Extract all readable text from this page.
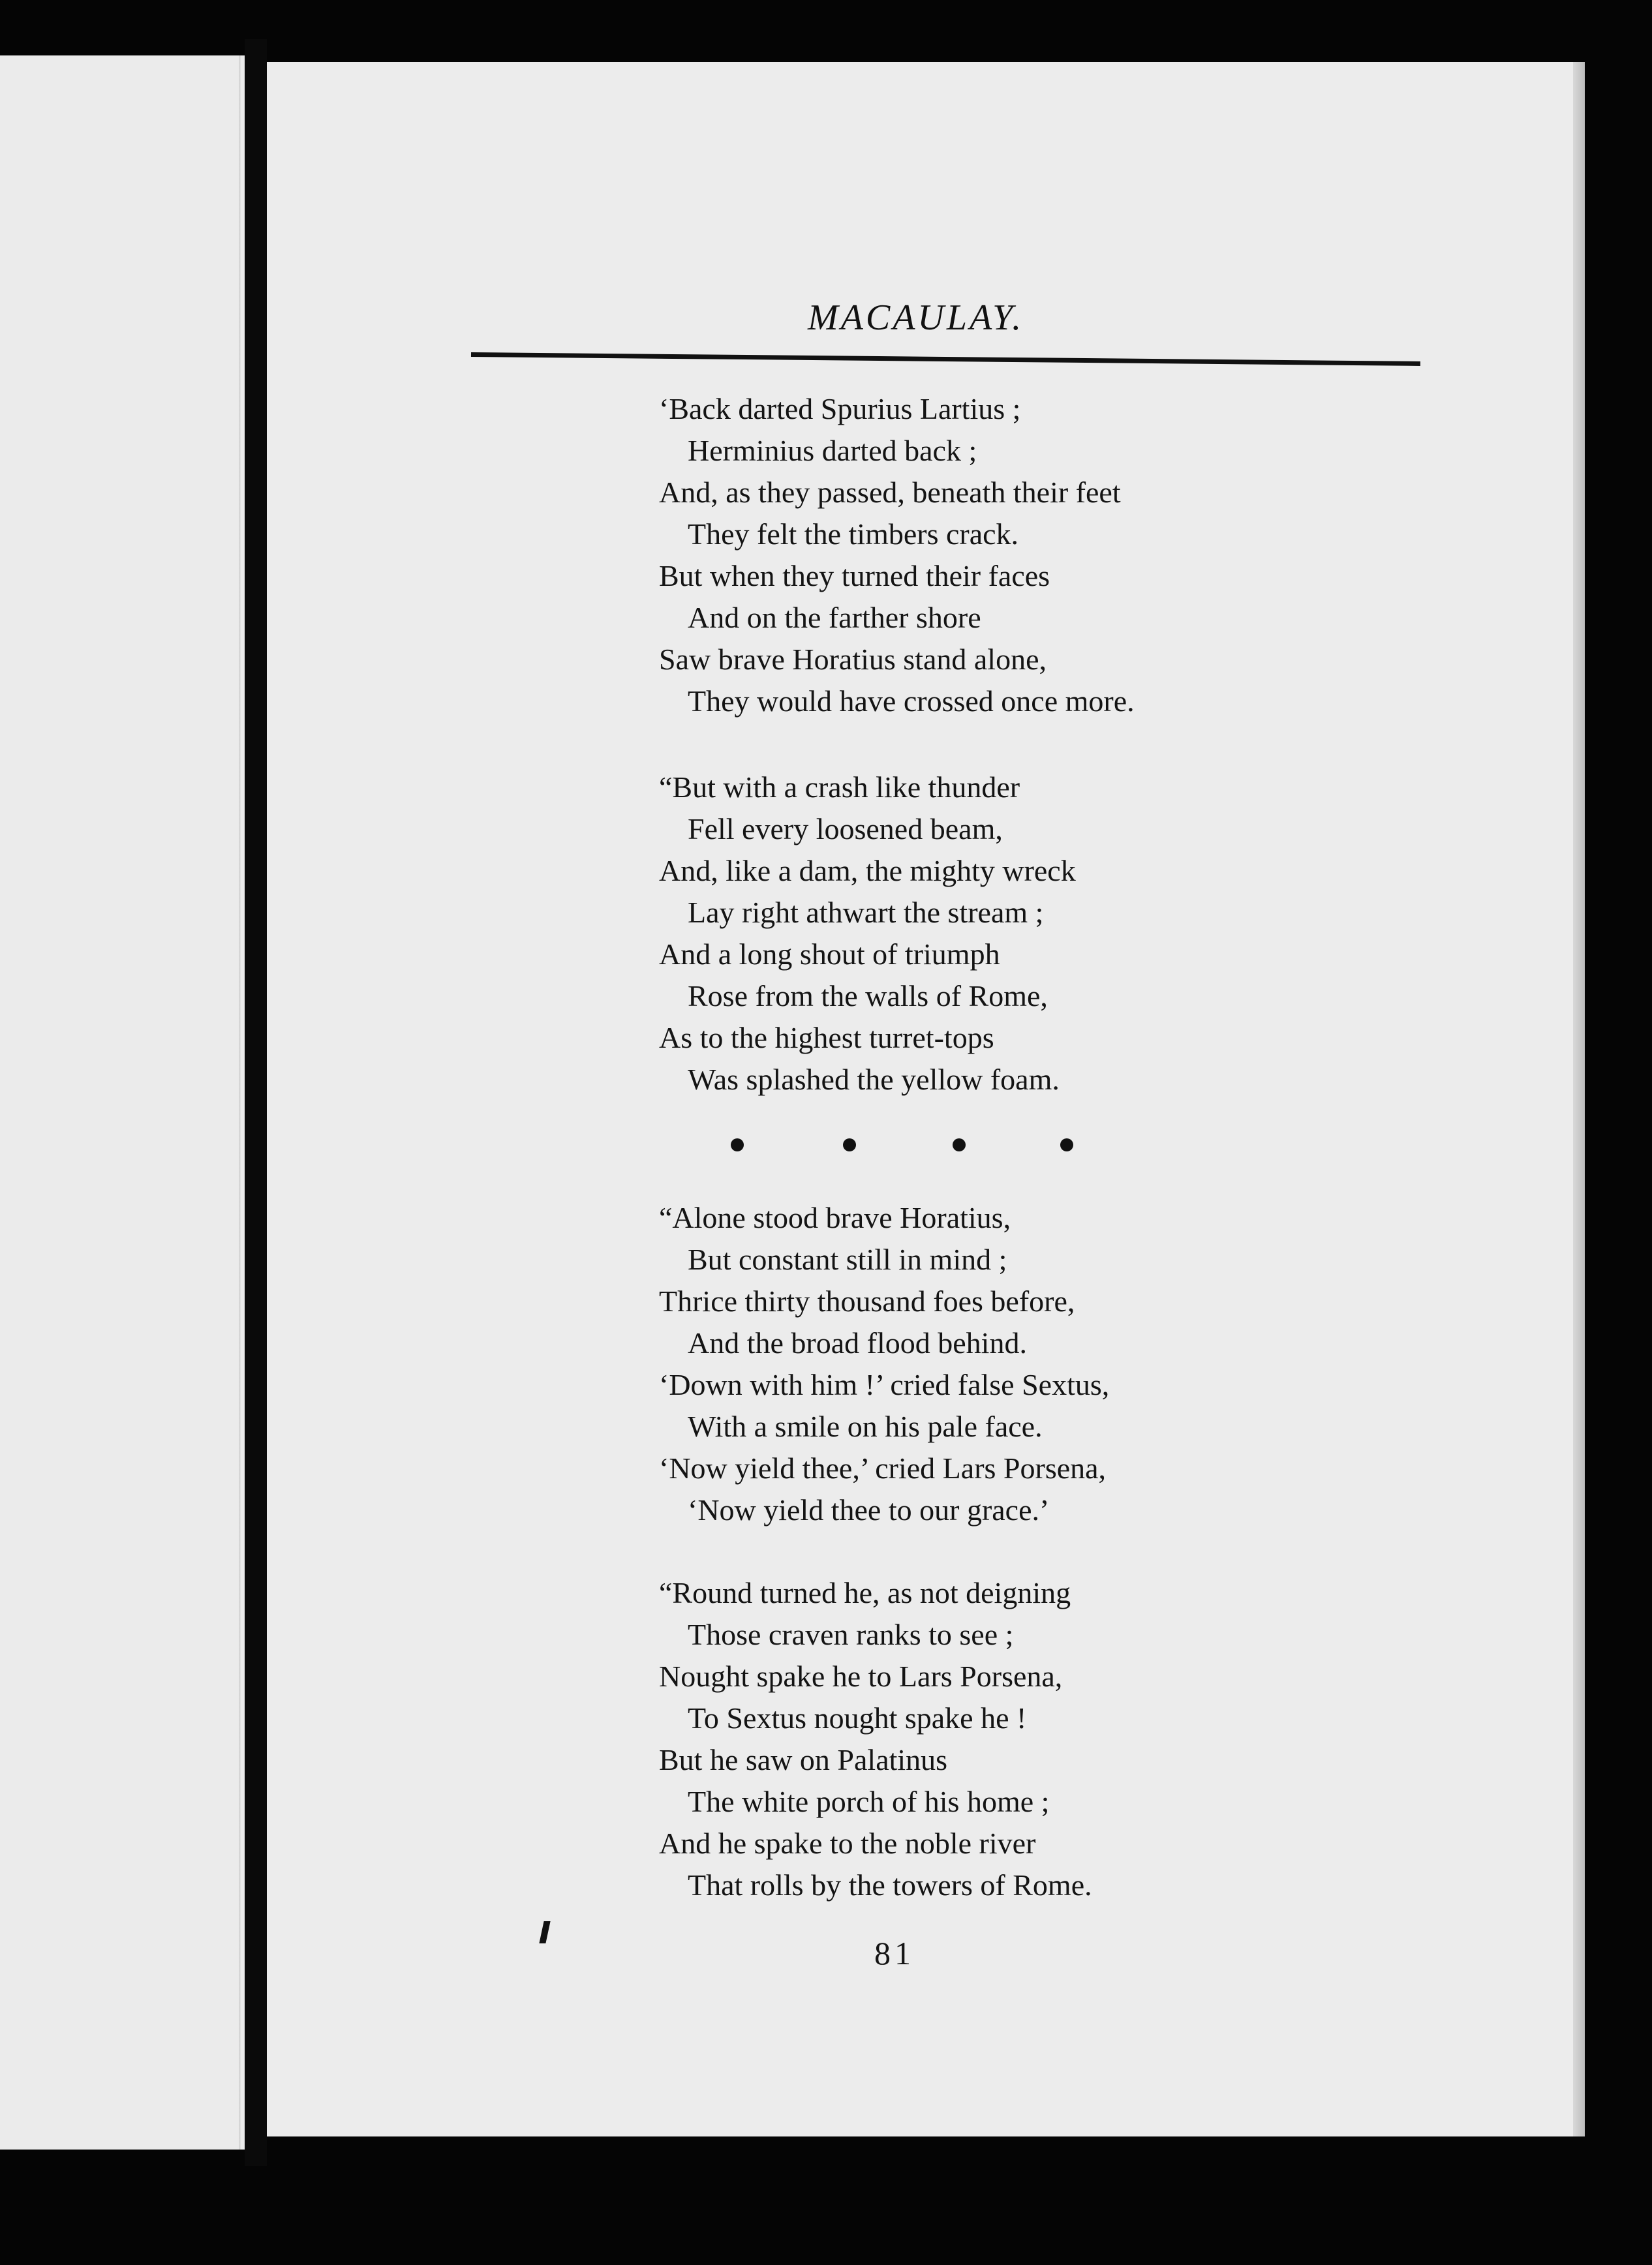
MACAULAY.
‘Back darted Spurius Lartius ;
Herminius darted back ;
And, as they passed, beneath their feet
They felt the timbers crack.
But when they turned their faces
And on the farther shore
Saw brave Horatius stand alone,
They would have crossed once more.
“But with a crash like thunder
Fell every loosened beam,
And, like a dam, the mighty wreck
Lay right athwart the stream ;
And a long shout of triumph
Rose from the walls of Rome,
As to the highest turret-tops
Was splashed the yellow foam.
“Alone stood brave Horatius,
But constant still in mind ;
Thrice thirty thousand foes before,
And the broad flood behind.
‘Down with him !’ cried false Sextus,
With a smile on his pale face.
‘Now yield thee,’ cried Lars Porsena,
‘Now yield thee to our grace.’
“Round turned he, as not deigning
Those craven ranks to see ;
Nought spake he to Lars Porsena,
To Sextus nought spake he !
But he saw on Palatinus
The white porch of his home ;
And he spake to the noble river
That rolls by the towers of Rome.
81
